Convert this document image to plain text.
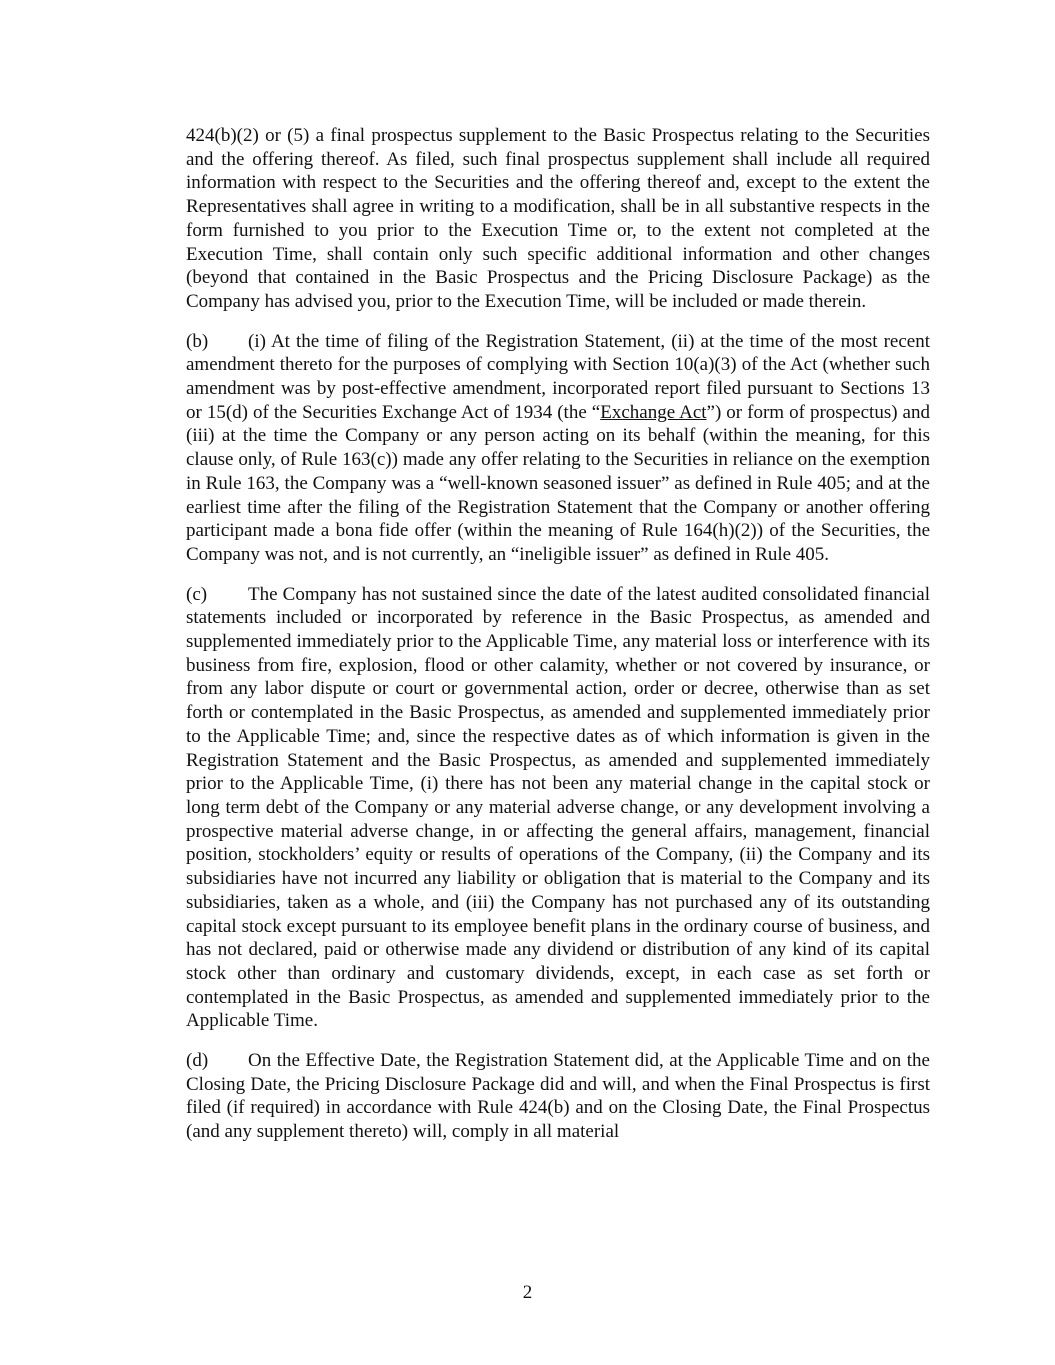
424(b)(2) or (5) a final prospectus supplement to the Basic Prospectus relating to the Securities and the offering thereof. As filed, such final prospectus supplement shall include all required information with respect to the Securities and the offering thereof and, except to the extent the Representatives shall agree in writing to a modification, shall be in all substantive respects in the form furnished to you prior to the Execution Time or, to the extent not completed at the Execution Time, shall contain only such specific additional information and other changes (beyond that contained in the Basic Prospectus and the Pricing Disclosure Package) as the Company has advised you, prior to the Execution Time, will be included or made therein.

(b) (i) At the time of filing of the Registration Statement, (ii) at the time of the most recent amendment thereto for the purposes of complying with Section 10(a)(3) of the Act (whether such amendment was by post-effective amendment, incorporated report filed pursuant to Sections 13 or 15(d) of the Securities Exchange Act of 1934 (the “Exchange Act”) or form of prospectus) and (iii) at the time the Company or any person acting on its behalf (within the meaning, for this clause only, of Rule 163(c)) made any offer relating to the Securities in reliance on the exemption in Rule 163, the Company was a “well-known seasoned issuer” as defined in Rule 405; and at the earliest time after the filing of the Registration Statement that the Company or another offering participant made a bona fide offer (within the meaning of Rule 164(h)(2)) of the Securities, the Company was not, and is not currently, an “ineligible issuer” as defined in Rule 405.

(c) The Company has not sustained since the date of the latest audited consolidated financial statements included or incorporated by reference in the Basic Prospectus, as amended and supplemented immediately prior to the Applicable Time, any material loss or interference with its business from fire, explosion, flood or other calamity, whether or not covered by insurance, or from any labor dispute or court or governmental action, order or decree, otherwise than as set forth or contemplated in the Basic Prospectus, as amended and supplemented immediately prior to the Applicable Time; and, since the respective dates as of which information is given in the Registration Statement and the Basic Prospectus, as amended and supplemented immediately prior to the Applicable Time, (i) there has not been any material change in the capital stock or long term debt of the Company or any material adverse change, or any development involving a prospective material adverse change, in or affecting the general affairs, management, financial position, stockholders’ equity or results of operations of the Company, (ii) the Company and its subsidiaries have not incurred any liability or obligation that is material to the Company and its subsidiaries, taken as a whole, and (iii) the Company has not purchased any of its outstanding capital stock except pursuant to its employee benefit plans in the ordinary course of business, and has not declared, paid or otherwise made any dividend or distribution of any kind of its capital stock other than ordinary and customary dividends, except, in each case as set forth or contemplated in the Basic Prospectus, as amended and supplemented immediately prior to the Applicable Time.

(d) On the Effective Date, the Registration Statement did, at the Applicable Time and on the Closing Date, the Pricing Disclosure Package did and will, and when the Final Prospectus is first filed (if required) in accordance with Rule 424(b) and on the Closing Date, the Final Prospectus (and any supplement thereto) will, comply in all material

2
